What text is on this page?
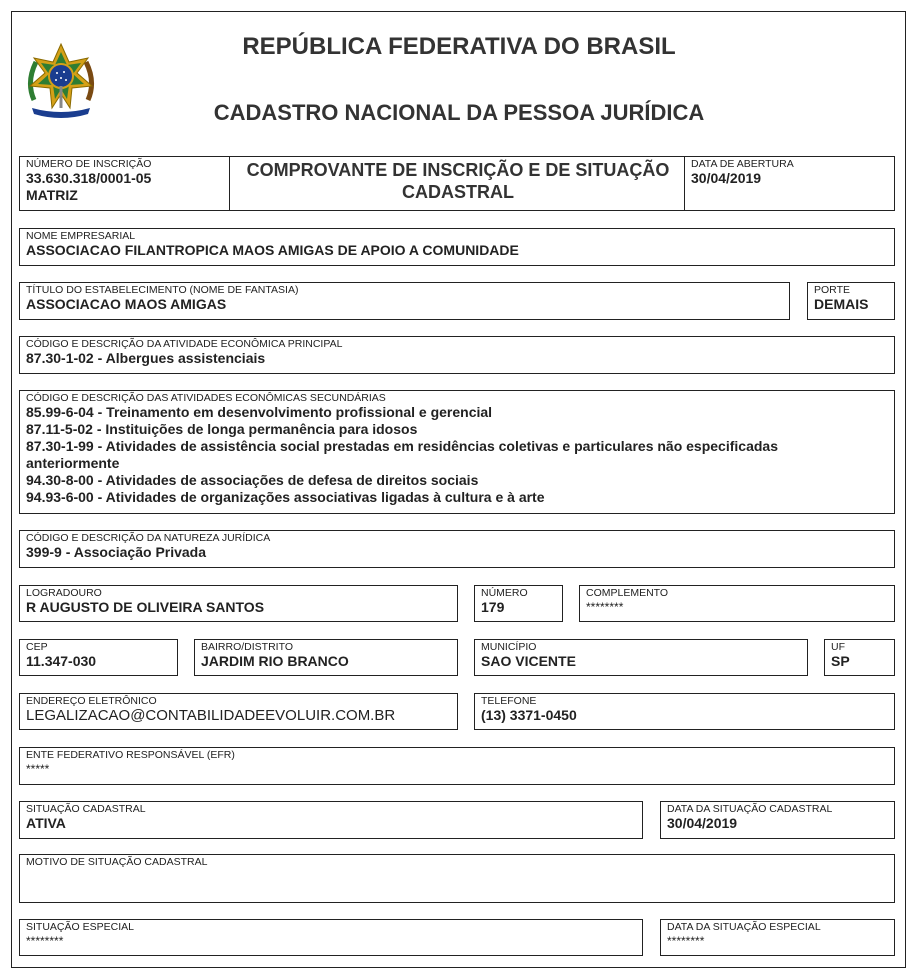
REPÚBLICA FEDERATIVA DO BRASIL
CADASTRO NACIONAL DA PESSOA JURÍDICA
NÚMERO DE INSCRIÇÃO
33.630.318/0001-05
MATRIZ
COMPROVANTE DE INSCRIÇÃO E DE SITUAÇÃO
CADASTRAL
DATA DE ABERTURA
30/04/2019
NOME EMPRESARIAL
ASSOCIACAO FILANTROPICA MAOS AMIGAS DE APOIO A COMUNIDADE
TÍTULO DO ESTABELECIMENTO (NOME DE FANTASIA)
ASSOCIACAO MAOS AMIGAS
PORTE
DEMAIS
CÓDIGO E DESCRIÇÃO DA ATIVIDADE ECONÔMICA PRINCIPAL
87.30-1-02 - Albergues assistenciais
CÓDIGO E DESCRIÇÃO DAS ATIVIDADES ECONÔMICAS SECUNDÁRIAS
85.99-6-04 - Treinamento em desenvolvimento profissional e gerencial
87.11-5-02 - Instituições de longa permanência para idosos
87.30-1-99 - Atividades de assistência social prestadas em residências coletivas e particulares não especificadas anteriormente
94.30-8-00 - Atividades de associações de defesa de direitos sociais
94.93-6-00 - Atividades de organizações associativas ligadas à cultura e à arte
CÓDIGO E DESCRIÇÃO DA NATUREZA JURÍDICA
399-9 - Associação Privada
LOGRADOURO
R AUGUSTO DE OLIVEIRA SANTOS
NÚMERO
179
COMPLEMENTO
********
CEP
11.347-030
BAIRRO/DISTRITO
JARDIM RIO BRANCO
MUNICÍPIO
SAO VICENTE
UF
SP
ENDEREÇO ELETRÔNICO
LEGALIZACAO@CONTABILIDADEEVOLUIR.COM.BR
TELEFONE
(13) 3371-0450
ENTE FEDERATIVO RESPONSÁVEL (EFR)
*****
SITUAÇÃO CADASTRAL
ATIVA
DATA DA SITUAÇÃO CADASTRAL
30/04/2019
MOTIVO DE SITUAÇÃO CADASTRAL
SITUAÇÃO ESPECIAL
********
DATA DA SITUAÇÃO ESPECIAL
********
